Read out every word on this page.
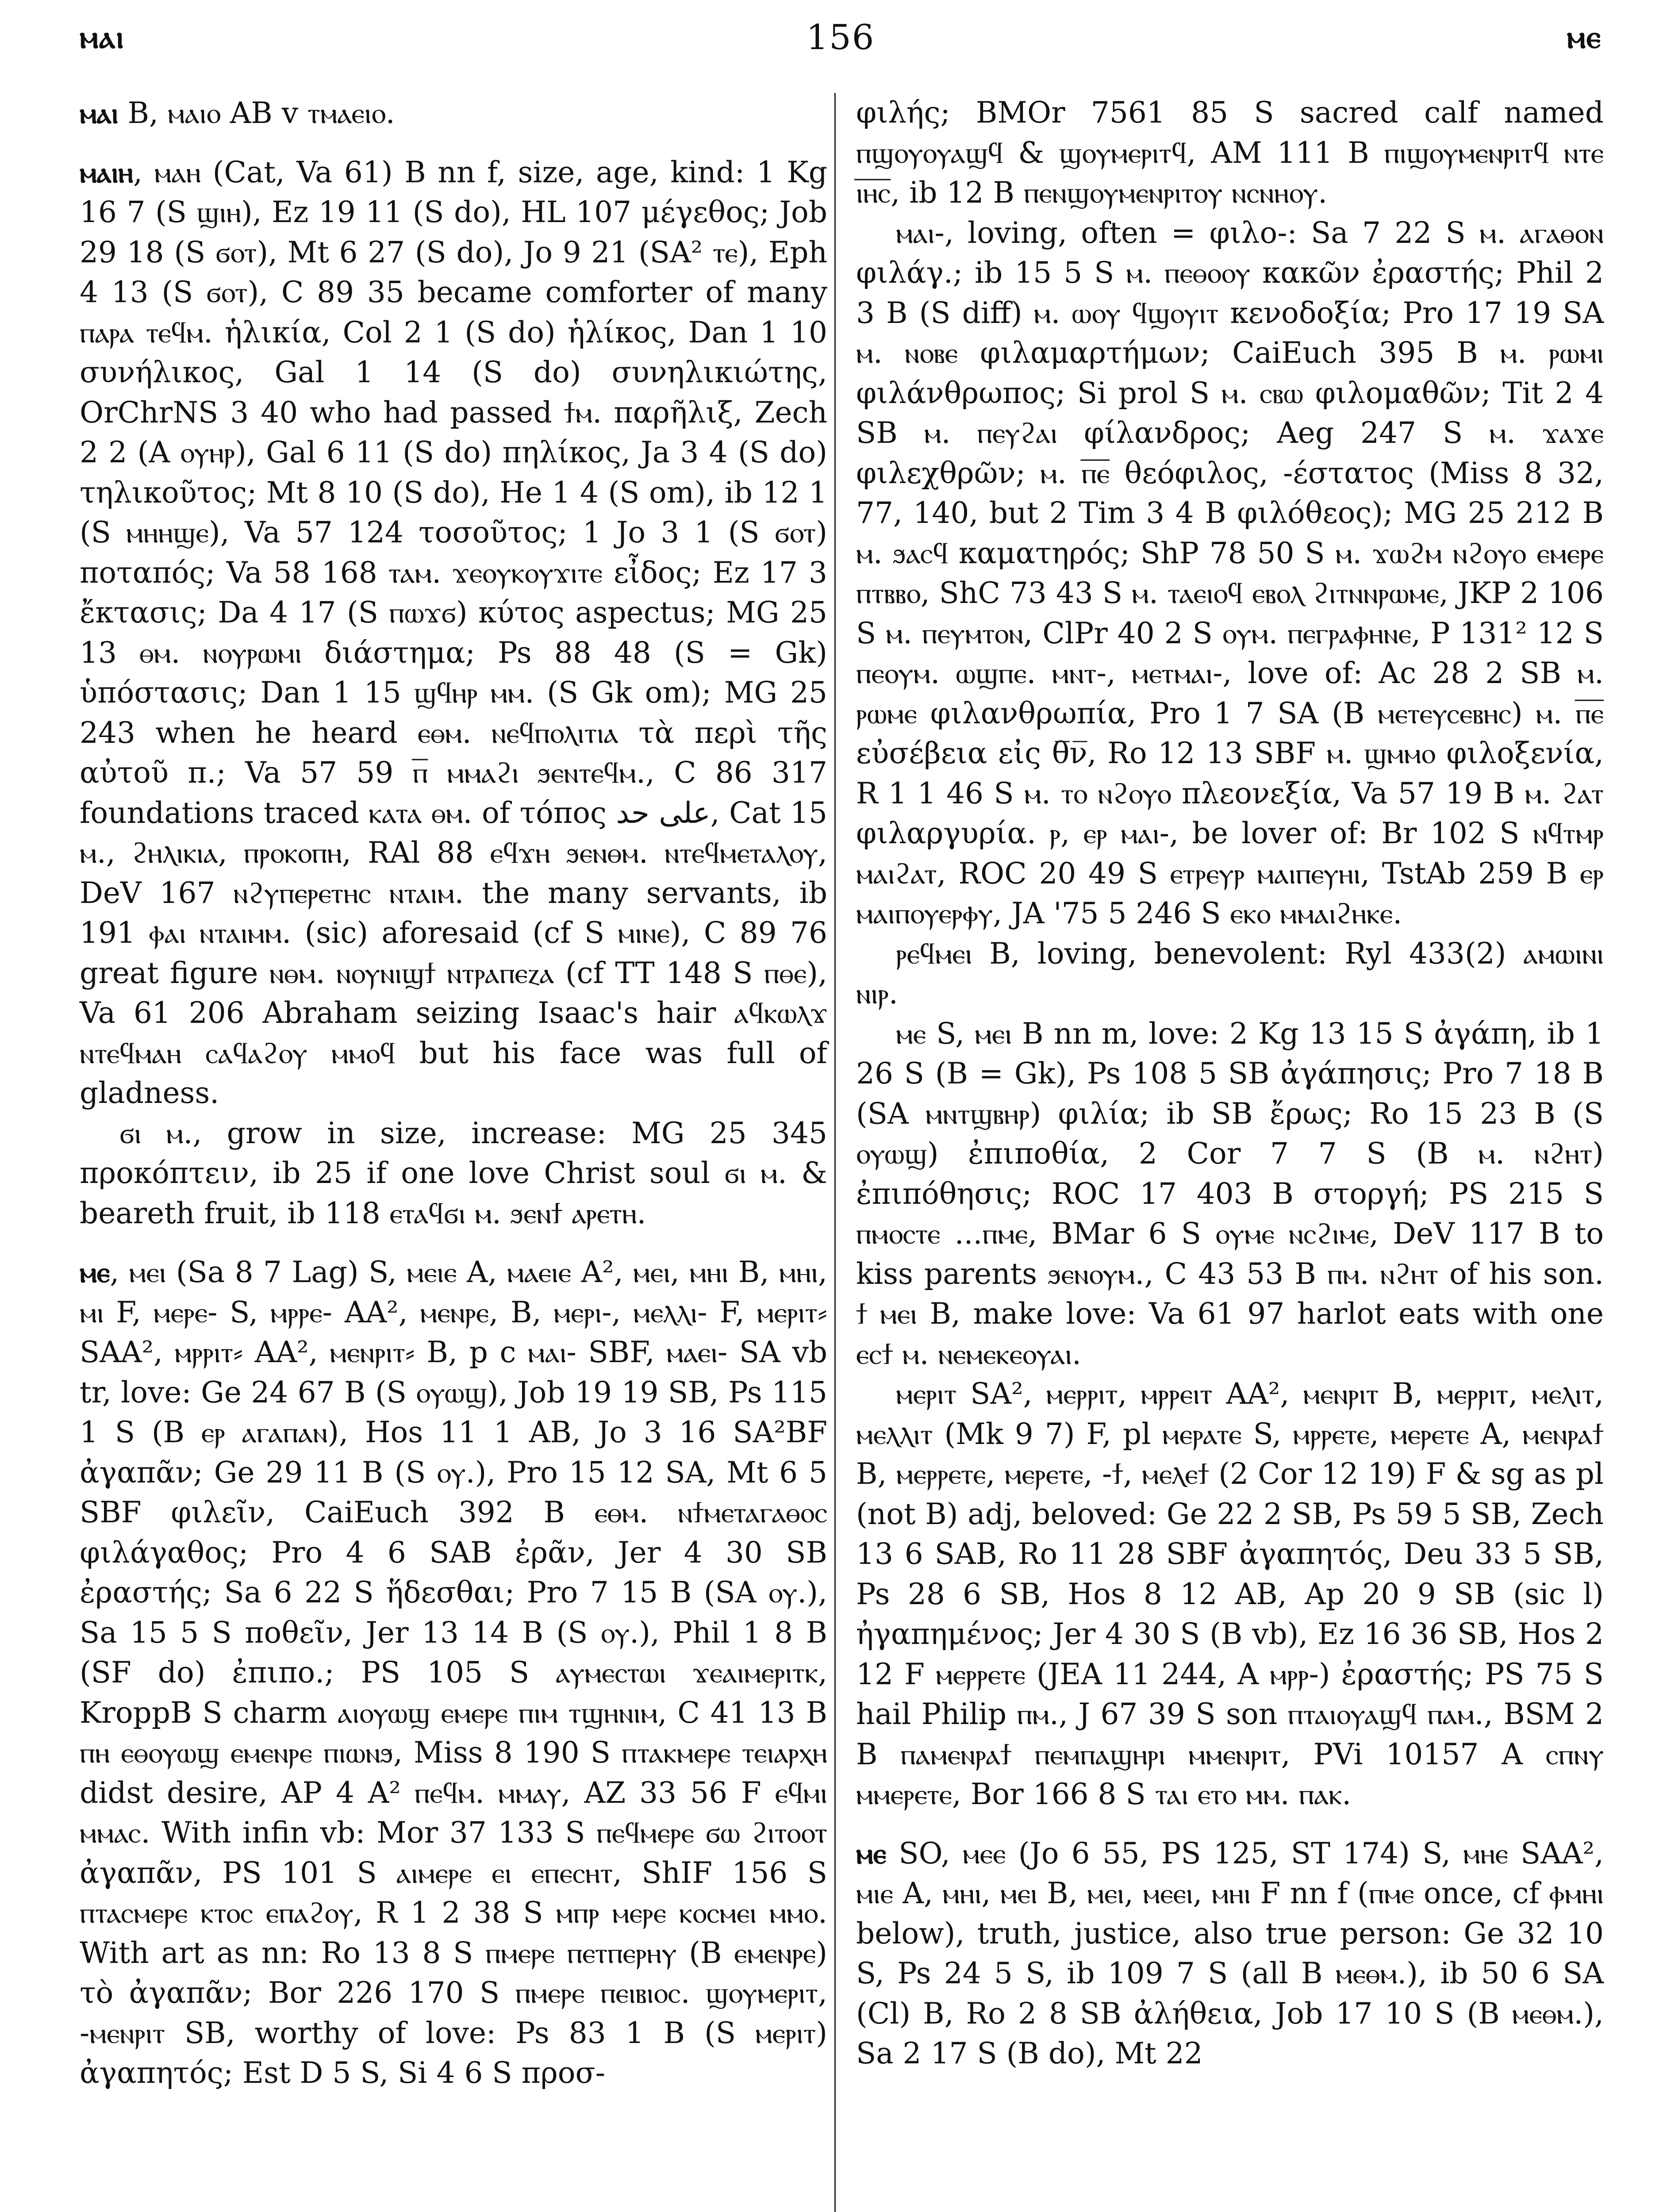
ⲙⲁⲓ	156	ⲙⲉ

ⲙⲁⲓ B, ⲙⲁⲓⲟ AB v ⲧⲙⲁⲉⲓⲟ.

ⲙⲁⲓⲏ, ⲙⲁⲏ (Cat, Va 61) B nn f, size, age, kind: 1 Kg 16 7 (S ϣⲓⲏ), Ez 19 11 (S do), HL 107 μέγεθος; Job 29 18 (S ϭⲟⲧ), Mt 6 27 (S do), Jo 9 21 (SA² ⲧⲉ), Eph 4 13 (S ϭⲟⲧ), C 89 35 became comforter of many ⲡⲁⲣⲁ ⲧⲉϥⲙ. ἡλικία, Col 2 1 (S do) ἡλίκος, Dan 1 10 συνήλικος, Gal 1 14 (S do) συνηλικιώτης, OrChrNS 3 40 who had passed ϯⲙ. παρῆλιξ, Zech 2 2 (A ⲟⲩⲏⲣ), Gal 6 11 (S do) πηλίκος, Ja 3 4 (S do) τηλικοῦτος; Mt 8 10 (S do), He 1 4 (S om), ib 12 1 (S ⲙⲏⲏϣⲉ), Va 57 124 τοσοῦτος; 1 Jo 3 1 (S ϭⲟⲧ) ποταπός; Va 58 168 ⲧⲁⲙ. ϫⲉⲟⲩⲕⲟⲩϫⲓⲧⲉ εἶδος; Ez 17 3 ἔκτασις; Da 4 17 (S ⲡⲱϫϭ) κύτος aspectus; MG 25 13 ⲑⲙ. ⲛⲟⲩⲣⲱⲙⲓ διάστημα; Ps 88 48 (S = Gk) ὑπόστασις; Dan 1 15 ϣϥⲏⲣ ⲙⲙ. (S Gk om); MG 25 243 when he heard ⲉⲑⲙ. ⲛⲉϥⲡⲟⲗⲓⲧⲓⲁ τὰ περὶ τῆς αὐτοῦ π.; Va 57 59 ⲡ̅ ⲙⲙⲁϩⲓ ϧⲉⲛⲧⲉϥⲙ., C 86 317 foundations traced ⲕⲁⲧⲁ ⲑⲙ. of τόπος على حد, Cat 15 ⲙ., ϩⲏⲗⲓⲕⲓⲁ, ⲡⲣⲟⲕⲟⲡⲏ, RAl 88 ⲉϥϫⲏ ϧⲉⲛⲑⲙ. ⲛⲧⲉϥⲙⲉⲧⲁⲗⲟⲩ, DeV 167 ⲛϩⲩⲡⲉⲣⲉⲧⲏⲥ ⲛⲧⲁⲓⲙ. the many servants, ib 191 ⲫⲁⲓ ⲛⲧⲁⲓⲙⲙ. (sic) aforesaid (cf S ⲙⲓⲛⲉ), C 89 76 great figure ⲛⲑⲙ. ⲛⲟⲩⲛⲓϣϯ ⲛⲧⲣⲁⲡⲉⲍⲁ (cf TT 148 S ⲡⲑⲉ), Va 61 206 Abraham seizing Isaac's hair ⲁϥⲕⲱⲗϫ ⲛⲧⲉϥⲙⲁⲏ ⲥⲁϥⲁϩⲟⲩ ⲙⲙⲟϥ but his face was full of gladness.

ϭⲓ ⲙ., grow in size, increase: MG 25 345 προκόπτειν, ib 25 if one love Christ soul ϭⲓ ⲙ. & beareth fruit, ib 118 ⲉⲧⲁϥϭⲓ ⲙ. ϧⲉⲛϯ ⲁⲣⲉⲧⲏ.

ⲙⲉ, ⲙⲉⲓ (Sa 8 7 Lag) S, ⲙⲉⲓⲉ A, ⲙⲁⲉⲓⲉ A², ⲙⲉⲓ, ⲙⲏⲓ B, ⲙⲏⲓ, ⲙⲓ F, ⲙⲉⲣⲉ- S, ⲙⲣⲣⲉ- AA², ⲙⲉⲛⲣⲉ, B, ⲙⲉⲣⲓ-, ⲙⲉⲗⲗⲓ- F, ⲙⲉⲣⲓⲧ⸗ SAA², ⲙⲣⲣⲓⲧ⸗ AA², ⲙⲉⲛⲣⲓⲧ⸗ B, p c ⲙⲁⲓ- SBF, ⲙⲁⲉⲓ- SA vb tr, love: Ge 24 67 B (S ⲟⲩⲱϣ), Job 19 19 SB, Ps 115 1 S (B ⲉⲣ ⲁⲅⲁⲡⲁⲛ), Hos 11 1 AB, Jo 3 16 SA²BF ἀγαπᾶν; Ge 29 11 B (S ⲟⲩ.), Pro 15 12 SA, Mt 6 5 SBF φιλεῖν, CaiEuch 392 B ⲉⲑⲙ. ⲛϯⲙⲉⲧⲁⲅⲁⲑⲟⲥ φιλάγαθος; Pro 4 6 SAB ἐρᾶν, Jer 4 30 SB ἐραστής; Sa 6 22 S ἥδεσθαι; Pro 7 15 B (SA ⲟⲩ.), Sa 15 5 S ποθεῖν, Jer 13 14 B (S ⲟⲩ.), Phil 1 8 B (SF do) ἐπιπο.; PS 105 S ⲁⲩⲙⲉⲥⲧⲱⲓ ϫⲉⲁⲓⲙⲉⲣⲓⲧⲕ, KroppB S charm ⲁⲓⲟⲩⲱϣ ⲉⲙⲉⲣⲉ ⲡⲓⲙ ⲧϣⲏⲛⲓⲙ, C 41 13 B ⲡⲏ ⲉⲑⲟⲩⲱϣ ⲉⲙⲉⲛⲣⲉ ⲡⲓⲱⲛϧ, Miss 8 190 S ⲡⲧⲁⲕⲙⲉⲣⲉ ⲧⲉⲓⲁⲣⲭⲏ didst desire, AP 4 A² ⲡⲉϥⲙ. ⲙⲙⲁⲩ, AZ 33 56 F ⲉϥⲙⲓ ⲙⲙⲁⲥ. With infin vb: Mor 37 133 S ⲡⲉϥⲙⲉⲣⲉ ϭⲱ ϩⲓⲧⲟⲟⲧ ἀγαπᾶν, PS 101 S ⲁⲓⲙⲉⲣⲉ ⲉⲓ ⲉⲡⲉⲥⲏⲧ, ShIF 156 S ⲡⲧⲁⲥⲙⲉⲣⲉ ⲕⲧⲟⲥ ⲉⲡⲁϩⲟⲩ, R 1 2 38 S ⲙⲡⲣ ⲙⲉⲣⲉ ⲕⲟⲥⲙⲉⲓ ⲙⲙⲟ. With art as nn: Ro 13 8 S ⲡⲙⲉⲣⲉ ⲡⲉⲧⲡⲉⲣⲏⲩ (B ⲉⲙⲉⲛⲣⲉ) τὸ ἀγαπᾶν; Bor 226 170 S ⲡⲙⲉⲣⲉ ⲡⲉⲓⲃⲓⲟⲥ. ϣⲟⲩⲙⲉⲣⲓⲧ, -ⲙⲉⲛⲣⲓⲧ SB, worthy of love: Ps 83 1 B (S ⲙⲉⲣⲓⲧ) ἀγαπητός; Est D 5 S, Si 4 6 S προσ-

φιλής; BMOr 7561 85 S sacred calf named ⲡϣⲟⲩⲟⲩⲁϣϥ & ϣⲟⲩⲙⲉⲣⲓⲧϥ, AM 111 B ⲡⲓϣⲟⲩⲙⲉⲛⲣⲓⲧϥ ⲛⲧⲉ ⲓ̅ⲏ̅ⲥ̅, ib 12 B ⲡⲉⲛϣⲟⲩⲙⲉⲛⲣⲓⲧⲟⲩ ⲛⲥⲛⲏⲟⲩ.

ⲙⲁⲓ-, loving, often = φιλο-: Sa 7 22 S ⲙ. ⲁⲅⲁⲑⲟⲛ φιλάγ.; ib 15 5 S ⲙ. ⲡⲉⲑⲟⲟⲩ κακῶν ἐραστής; Phil 2 3 B (S diff) ⲙ. ⲱⲟⲩ ϥϣⲟⲩⲓⲧ κενοδοξία; Pro 17 19 SA ⲙ. ⲛⲟⲃⲉ φιλαμαρτήμων; CaiEuch 395 B ⲙ. ⲣⲱⲙⲓ φιλάνθρωπος; Si prol S ⲙ. ⲥⲃⲱ φιλομαθῶν; Tit 2 4 SB ⲙ. ⲡⲉⲩϩⲁⲓ φίλανδρος; Aeg 247 S ⲙ. ϫⲁϫⲉ φιλεχθρῶν; ⲙ. ⲡ̅ⲉ̅ θεόφιλος, -έστατος (Miss 8 32, 77, 140, but 2 Tim 3 4 B φιλόθεος); MG 25 212 B ⲙ. ϧⲁⲥϥ καματηρός; ShP 78 50 S ⲙ. ϫⲱϩⲙ ⲛϩⲟⲩⲟ ⲉⲙⲉⲣⲉ ⲡⲧⲃⲃⲟ, ShC 73 43 S ⲙ. ⲧⲁⲉⲓⲟϥ ⲉⲃⲟⲗ ϩⲓⲧⲛⲛⲣⲱⲙⲉ, JKP 2 106 S ⲙ. ⲡⲉⲩⲙⲧⲟⲛ, ClPr 40 2 S ⲟⲩⲙ. ⲡⲉⲅⲣⲁⲫⲏⲛⲉ, P 131² 12 S ⲡⲉⲟⲩⲙ. ⲱϣⲡⲉ. ⲙⲛⲧ-, ⲙⲉⲧⲙⲁⲓ-, love of: Ac 28 2 SB ⲙ. ⲣⲱⲙⲉ φιλανθρωπία, Pro 1 7 SA (B ⲙⲉⲧⲉⲩⲥⲉⲃⲏⲥ) ⲙ. ⲡ̅ⲉ̅ εὐσέβεια εἰς θ̅ν̅, Ro 12 13 SBF ⲙ. ϣⲙⲙⲟ φιλοξενία, R 1 1 46 S ⲙ. ⲧⲟ ⲛϩⲟⲩⲟ πλεονεξία, Va 57 19 B ⲙ. ϩⲁⲧ φιλαργυρία. ⲣ, ⲉⲣ ⲙⲁⲓ-, be lover of: Br 102 S ⲛϥⲧⲙⲣ ⲙⲁⲓϩⲁⲧ, ROC 20 49 S ⲉⲧⲣⲉⲩⲣ ⲙⲁⲓⲡⲉⲩⲏⲓ, TstAb 259 B ⲉⲣ ⲙⲁⲓⲡⲟⲩⲉⲣⲫⲩ, JA '75 5 246 S ⲉⲕⲟ ⲙⲙⲁⲓϩⲏⲕⲉ.

ⲣⲉϥⲙⲉⲓ B, loving, benevolent: Ryl 433(2) ⲁⲙⲱⲓⲛⲓ ⲛⲓⲣ.

ⲙⲉ S, ⲙⲉⲓ B nn m, love: 2 Kg 13 15 S ἀγάπη, ib 1 26 S (B = Gk), Ps 108 5 SB ἀγάπησις; Pro 7 18 B (SA ⲙⲛⲧϣⲃⲏⲣ) φιλία; ib SB ἔρως; Ro 15 23 B (S ⲟⲩⲱϣ) ἐπιποθία, 2 Cor 7 7 S (B ⲙ. ⲛϩⲏⲧ) ἐπιπόθησις; ROC 17 403 B στοργή; PS 215 S ⲡⲙⲟⲥⲧⲉ ...ⲡⲙⲉ, BMar 6 S ⲟⲩⲙⲉ ⲛⲥϩⲓⲙⲉ, DeV 117 B to kiss parents ϧⲉⲛⲟⲩⲙ., C 43 53 B ⲡⲙ. ⲛϩⲏⲧ of his son. ϯ ⲙⲉⲓ B, make love: Va 61 97 harlot eats with one ⲉⲥϯ ⲙ. ⲛⲉⲙⲉⲕⲉⲟⲩⲁⲓ.

ⲙⲉⲣⲓⲧ SA², ⲙⲉⲣⲣⲓⲧ, ⲙⲣⲣⲉⲓⲧ AA², ⲙⲉⲛⲣⲓⲧ B, ⲙⲉⲣⲣⲓⲧ, ⲙⲉⲗⲓⲧ, ⲙⲉⲗⲗⲓⲧ (Mk 9 7) F, pl ⲙⲉⲣⲁⲧⲉ S, ⲙⲣⲣⲉⲧⲉ, ⲙⲉⲣⲉⲧⲉ A, ⲙⲉⲛⲣⲁϯ B, ⲙⲉⲣⲣⲉⲧⲉ, ⲙⲉⲣⲉⲧⲉ, -ϯ, ⲙⲉⲗⲉϯ (2 Cor 12 19) F & sg as pl (not B) adj, beloved: Ge 22 2 SB, Ps 59 5 SB, Zech 13 6 SAB, Ro 11 28 SBF ἀγαπητός, Deu 33 5 SB, Ps 28 6 SB, Hos 8 12 AB, Ap 20 9 SB (sic l) ἠγαπημένος; Jer 4 30 S (B vb), Ez 16 36 SB, Hos 2 12 F ⲙⲉⲣⲣⲉⲧⲉ (JEA 11 244, A ⲙⲣⲣ-) ἐραστής; PS 75 S hail Philip ⲡⲙ., J 67 39 S son ⲡⲧⲁⲓⲟⲩⲁϣϥ ⲡⲁⲙ., BSM 2 B ⲡⲁⲙⲉⲛⲣⲁϯ ⲡⲉⲙⲡⲁϣⲏⲣⲓ ⲙⲙⲉⲛⲣⲓⲧ, PVi 10157 A ⲥⲡⲛⲩ ⲙⲙⲉⲣⲉⲧⲉ, Bor 166 8 S ⲧⲁⲓ ⲉⲧⲟ ⲙⲙ. ⲡⲁⲕ.

ⲙⲉ SO, ⲙⲉⲉ (Jo 6 55, PS 125, ST 174) S, ⲙⲏⲉ SAA², ⲙⲓⲉ A, ⲙⲏⲓ, ⲙⲉⲓ B, ⲙⲉⲓ, ⲙⲉⲉⲓ, ⲙⲏⲓ F nn f (ⲡⲙⲉ once, cf ⲫⲙⲏⲓ below), truth, justice, also true person: Ge 32 10 S, Ps 24 5 S, ib 109 7 S (all B ⲙⲉⲑⲙ.), ib 50 6 SA (Cl) B, Ro 2 8 SB ἀλήθεια, Job 17 10 S (B ⲙⲉⲑⲙ.), Sa 2 17 S (B do), Mt 22
